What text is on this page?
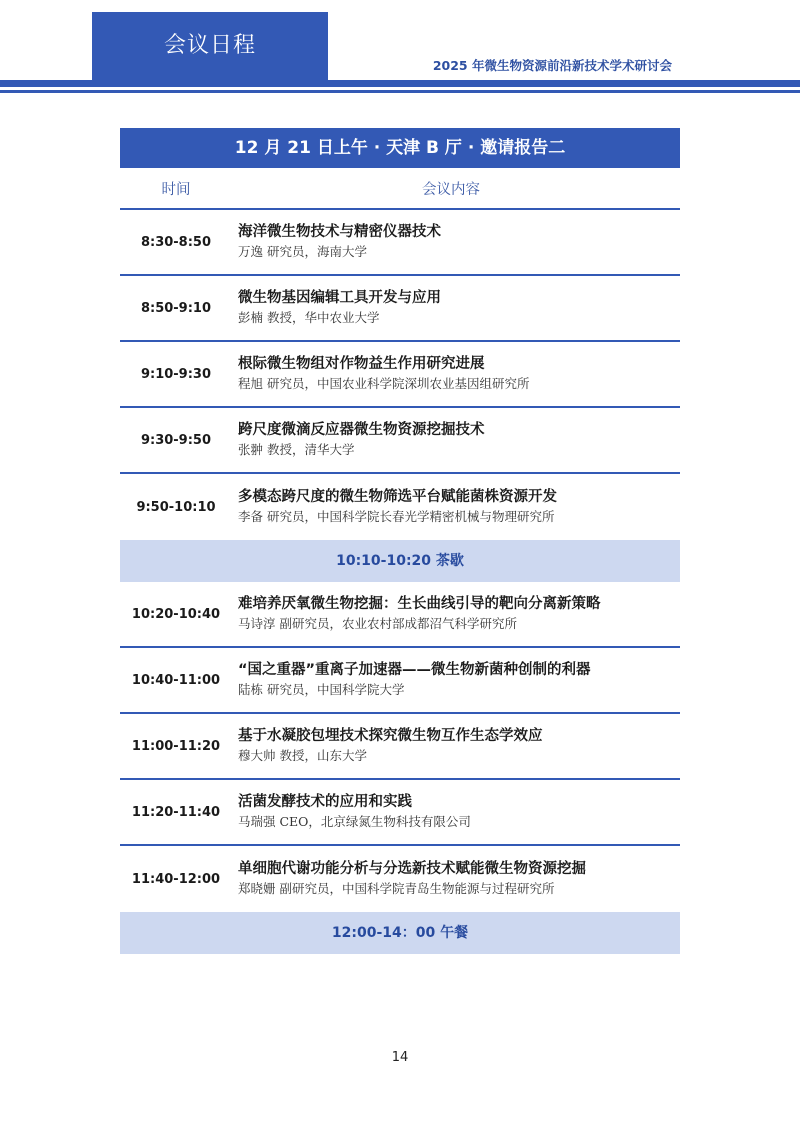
会议日程
2025 年微生物资源前沿新技术学术研讨会
12 月 21 日上午 · 天津 B 厅 · 邀请报告二
时间	会议内容
8:30-8:50
海洋微生物技术与精密仪器技术
万逸 研究员，海南大学
8:50-9:10
微生物基因编辑工具开发与应用
彭楠 教授，华中农业大学
9:10-9:30
根际微生物组对作物益生作用研究进展
程旭 研究员，中国农业科学院深圳农业基因组研究所
9:30-9:50
跨尺度微滴反应器微生物资源挖掘技术
张翀 教授，清华大学
9:50-10:10
多模态跨尺度的微生物筛选平台赋能菌株资源开发
李备 研究员，中国科学院长春光学精密机械与物理研究所
10:10-10:20 茶歇
10:20-10:40
难培养厌氧微生物挖掘：生长曲线引导的靶向分离新策略
马诗淳 副研究员，农业农村部成都沼气科学研究所
10:40-11:00
“国之重器”重离子加速器——微生物新菌种创制的利器
陆栋 研究员，中国科学院大学
11:00-11:20
基于水凝胶包埋技术探究微生物互作生态学效应
穆大帅 教授，山东大学
11:20-11:40
活菌发酵技术的应用和实践
马瑞强 CEO，北京绿氮生物科技有限公司
11:40-12:00
单细胞代谢功能分析与分选新技术赋能微生物资源挖掘
郑晓姗 副研究员，中国科学院青岛生物能源与过程研究所
12:00-14：00 午餐
14
